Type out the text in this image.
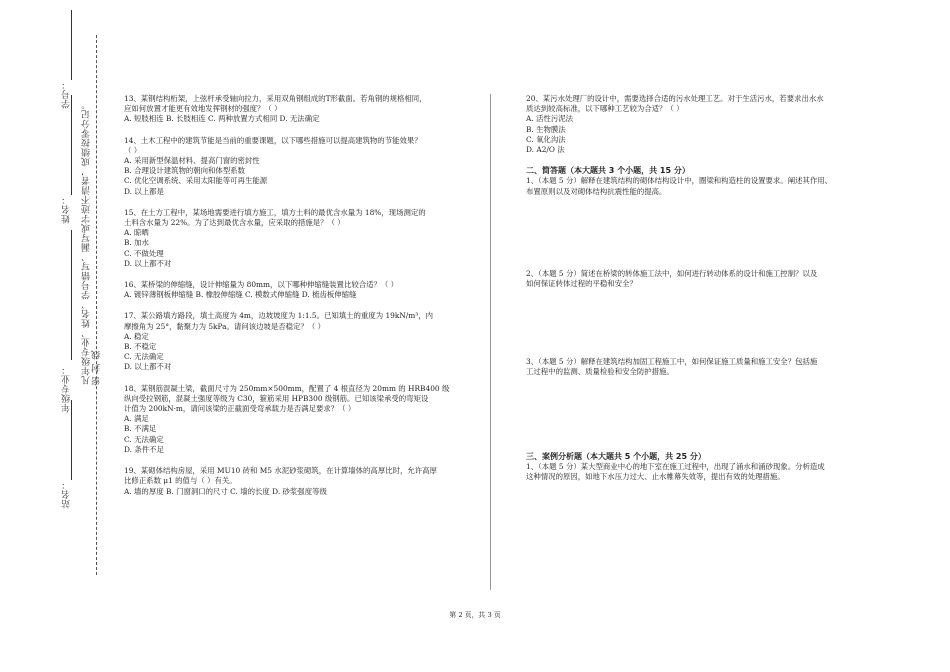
学号：
姓名：
年级专业：
站名：
凡年级专业、姓名、学号错写、漏写或字迹不清者，成绩按零分记。 密 封 线

13、某钢结构桁架，上弦杆承受轴向拉力，采用双角钢组成的T形截面。若角钢的规格相同，

应如何放置才能更有效地发挥钢材的强度？（ ）

A. 短肢相连 B. 长肢相连 C. 两种放置方式相同 D. 无法确定

14、土木工程中的建筑节能是当前的重要课题，以下哪些措施可以提高建筑物的节能效果？

（ ）

A. 采用新型保温材料、提高门窗的密封性

B. 合理设计建筑物的朝向和体型系数

C. 优化空调系统、采用太阳能等可再生能源

D. 以上都是

15、在土方工程中，某场地需要进行填方施工，填方土料的最优含水量为 18%，现场测定的

土料含水量为 22%。为了达到最优含水量，应采取的措施是？（ ）

A. 晾晒

B. 加水

C. 不做处理

D. 以上都不对

16、某桥梁的伸缩缝，设计伸缩量为 80mm，以下哪种伸缩缝装置比较合适？（ ）

A. 镀锌薄钢板伸缩缝 B. 橡胶伸缩缝 C. 模数式伸缩缝 D. 梳齿板伸缩缝

17、某公路填方路段，填土高度为 4m，边坡坡度为 1:1.5。已知填土的重度为 19kN/m³，内

摩擦角为 25°，黏聚力为 5kPa。请问该边坡是否稳定？（ ）

A. 稳定

B. 不稳定

C. 无法确定

D. 以上都不对

18、某钢筋混凝土梁，截面尺寸为 250mm×500mm，配置了 4 根直径为 20mm 的 HRB400 级

纵向受拉钢筋，混凝土强度等级为 C30，箍筋采用 HPB300 级钢筋。已知该梁承受的弯矩设

计值为 200kN·m，请问该梁的正截面受弯承载力是否满足要求？（ ）

A. 满足

B. 不满足

C. 无法确定

D. 条件不足

19、某砌体结构房屋，采用 MU10 砖和 M5 水泥砂浆砌筑，在计算墙体的高厚比时，允许高厚

比修正系数 μ1 的值与（ ）有关。

A. 墙的厚度 B. 门窗洞口的尺寸 C. 墙的长度 D. 砂浆强度等级

20、某污水处理厂的设计中，需要选择合适的污水处理工艺。对于生活污水，若要求出水水

质达到较高标准，以下哪种工艺较为合适？（ ）

A. 活性污泥法

B. 生物膜法

C. 氧化沟法

D. A2/O 法

二、简答题（本大题共 3 个小题，共 15 分）

1、（本题 5 分）解释在建筑结构的砌体结构设计中，圈梁和构造柱的设置要求。阐述其作用、

布置原则以及对砌体结构抗震性能的提高。

2、（本题 5 分）简述在桥梁的转体施工法中，如何进行转动体系的设计和施工控制？以及

如何保证转体过程的平稳和安全？

3、（本题 5 分）解释在建筑结构加固工程施工中，如何保证施工质量和施工安全？包括施

工过程中的监测、质量检验和安全防护措施。

三、案例分析题（本大题共 5 个小题，共 25 分）

1、（本题 5 分）某大型商业中心的地下室在施工过程中，出现了涌水和涌砂现象。分析造成

这种情况的原因，如地下水压力过大、止水帷幕失效等，提出有效的处理措施。

第 2 页，共 3 页
